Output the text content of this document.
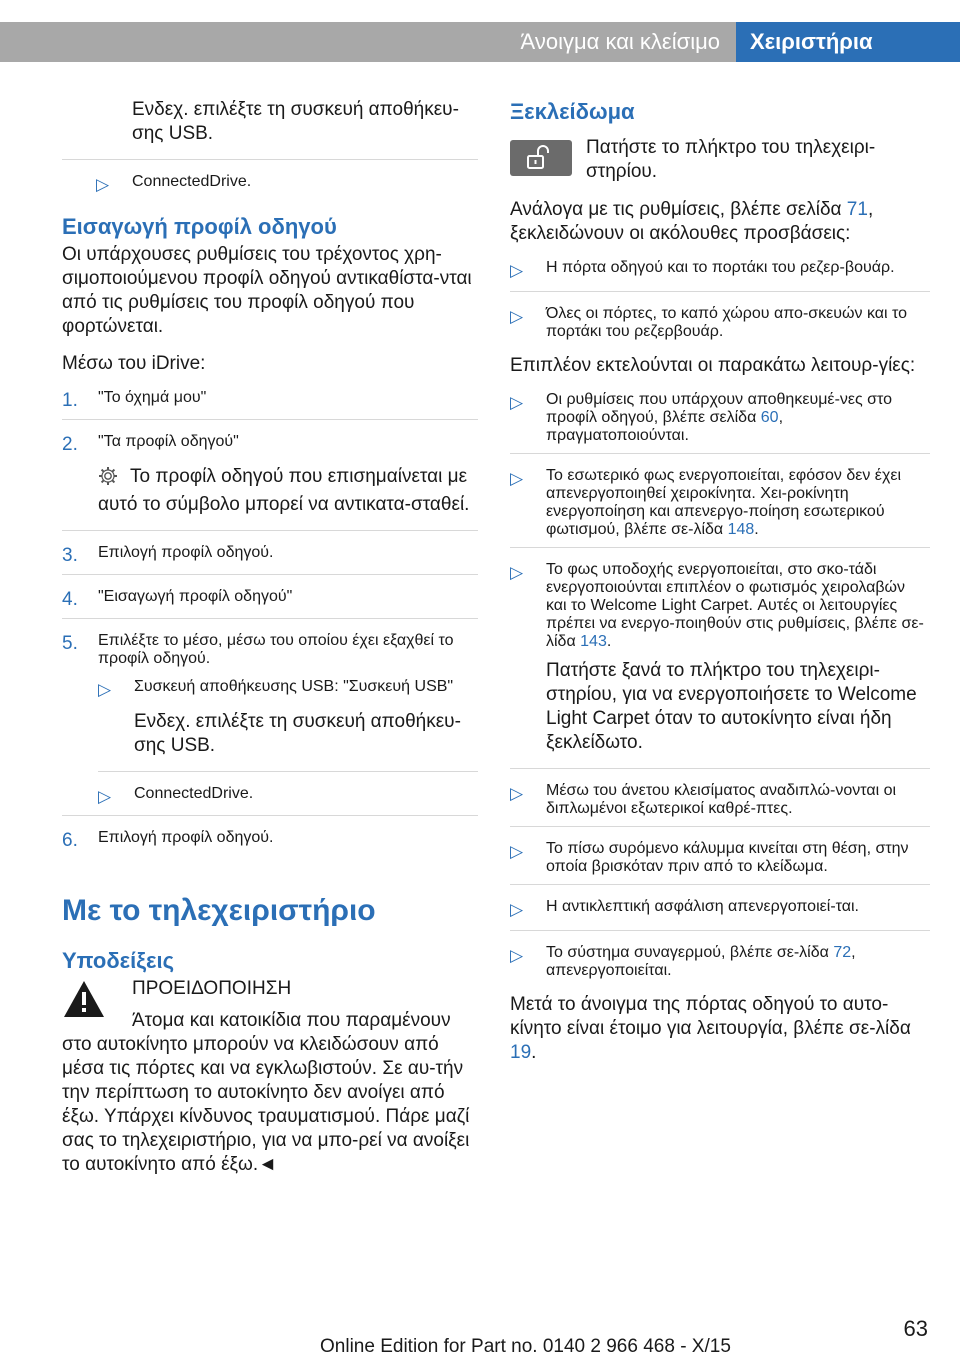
Άνοιγμα και κλείσιμο	Χειριστήρια

Ενδεχ. επιλέξτε τη συσκευή αποθήκευ-σης USB.

▷	ConnectedDrive.
Εισαγωγή προφίλ οδηγού

Οι υπάρχουσες ρυθμίσεις του τρέχοντος χρη-σιμοποιούμενου προφίλ οδηγού αντικαθίστα-νται από τις ρυθμίσεις του προφίλ οδηγού που φορτώνεται.

Μέσω του iDrive:

1.	"Το όχημά μου"
2.	"Τα προφίλ οδηγού"

Το προφίλ οδηγού που επισημαίνεται με αυτό το σύμβολο μπορεί να αντικατα-σταθεί.

3.	Επιλογή προφίλ οδηγού.
4.	"Εισαγωγή προφίλ οδηγού"
5.	Επιλέξτε το μέσο, μέσω του οποίου έχει εξαχθεί το προφίλ οδηγού.
▷	Συσκευή αποθήκευσης USB: "Συσκευή USB"

Ενδεχ. επιλέξτε τη συσκευή αποθήκευ-σης USB.

▷	ConnectedDrive.
6.	Επιλογή προφίλ οδηγού.
Με το τηλεχειριστήριο
Υποδείξεις

ΠΡΟΕΙΔΟΠΟΙΗΣΗ

Άτομα και κατοικίδια που παραμένουν

στο αυτοκίνητο μπορούν να κλειδώσουν από μέσα τις πόρτες και να εγκλωβιστούν. Σε αυ-τήν την περίπτωση το αυτοκίνητο δεν ανοίγει από έξω. Υπάρχει κίνδυνος τραυματισμού. Πάρε μαζί σας το τηλεχειριστήριο, για να μπο-ρεί να ανοίξει το αυτοκίνητο από έξω.◄

Ξεκλείδωμα

Πατήστε το πλήκτρο του τηλεχειρι-στηρίου.

Ανάλογα με τις ρυθμίσεις, βλέπε σελίδα 71, ξεκλειδώνουν οι ακόλουθες προσβάσεις:

▷	Η πόρτα οδηγού και το πορτάκι του ρεζερ-βουάρ.
▷	Όλες οι πόρτες, το καπό χώρου απο-σκευών και το πορτάκι του ρεζερβουάρ.

Επιπλέον εκτελούνται οι παρακάτω λειτουρ-γίες:

▷	Οι ρυθμίσεις που υπάρχουν αποθηκευμέ-νες στο προφίλ οδηγού, βλέπε σελίδα 60, πραγματοποιούνται.
▷	Το εσωτερικό φως ενεργοποιείται, εφόσον δεν έχει απενεργοποιηθεί χειροκίνητα. Χει-ροκίνητη ενεργοποίηση και απενεργο-ποίηση εσωτερικού φωτισμού, βλέπε σε-λίδα 148.
▷	Το φως υποδοχής ενεργοποιείται, στο σκο-τάδι ενεργοποιούνται επιπλέον ο φωτισμός χειρολαβών και το Welcome Light Carpet. Αυτές οι λειτουργίες πρέπει να ενεργο-ποιηθούν στις ρυθμίσεις, βλέπε σε-λίδα 143.

Πατήστε ξανά το πλήκτρο του τηλεχειρι-στηρίου, για να ενεργοποιήσετε το Welcome Light Carpet όταν το αυτοκίνητο είναι ήδη ξεκλείδωτο.

▷	Μέσω του άνετου κλεισίματος αναδιπλώ-νονται οι διπλωμένοι εξωτερικοί καθρέ-πτες.
▷	Το πίσω συρόμενο κάλυμμα κινείται στη θέση, στην οποία βρισκόταν πριν από το κλείδωμα.
▷	Η αντικλεπτική ασφάλιση απενεργοποιεί-ται.
▷	Το σύστημα συναγερμού, βλέπε σε-λίδα 72, απενεργοποιείται.

Μετά το άνοιγμα της πόρτας οδηγού το αυτο-κίνητο είναι έτοιμο για λειτουργία, βλέπε σε-λίδα 19.

63
Online Edition for Part no. 0140 2 966 468 - X/15
